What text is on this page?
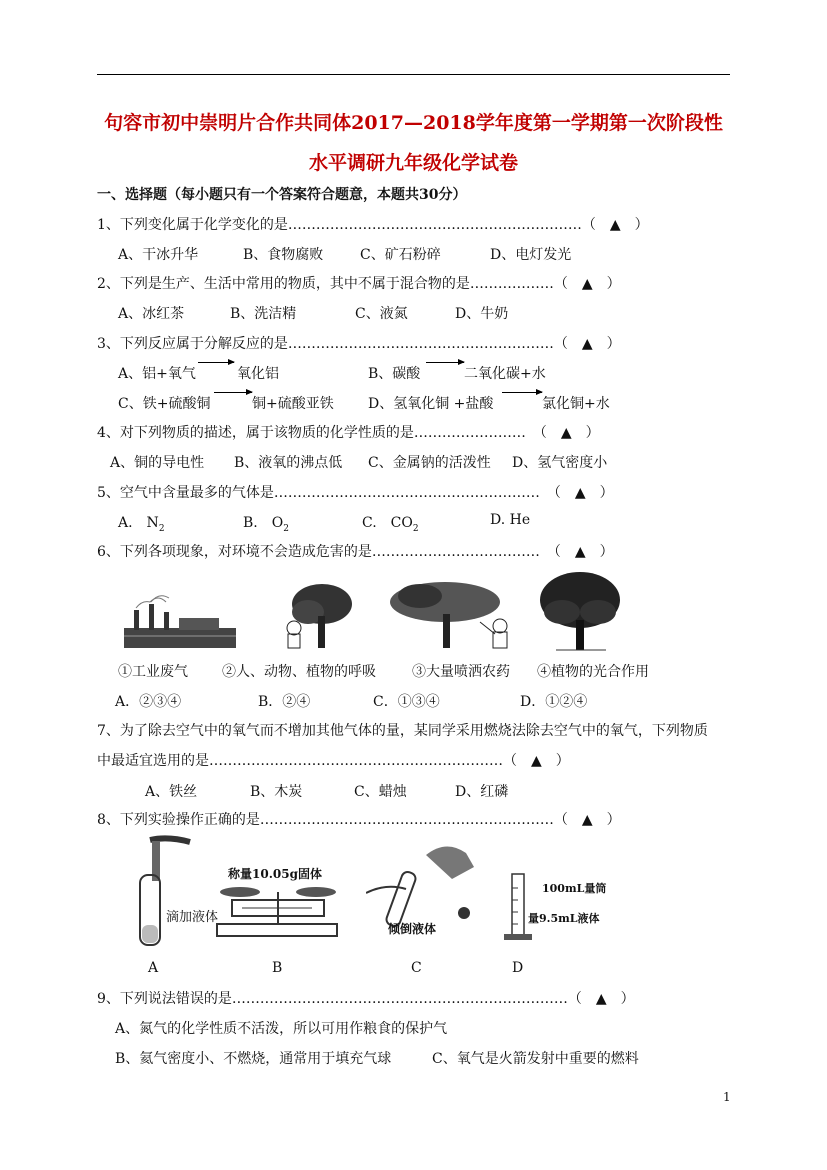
句容市初中崇明片合作共同体2017—2018学年度第一学期第一次阶段性
水平调研九年级化学试卷
一、选择题（每小题只有一个答案符合题意，本题共30分）
1、下列变化属于化学变化的是………………………………………………………（　▲　）
A、干冰升华	B、食物腐败	C、矿石粉碎	D、电灯发光
2、下列是生产、生活中常用的物质，其中不属于混合物的是………………（　▲　）
A、冰红茶	B、洗洁精	C、液氮	D、牛奶
3、下列反应属于分解反应的是…………………………………………………（　▲　）
A、铝+氧气	氧化铝	B、碳酸	二氧化碳+水
C、铁+硫酸铜	铜+硫酸亚铁 D、氢氧化铜 +盐酸	氯化铜+水
4、对下列物质的描述，属于该物质的化学性质的是……………………　（　▲　）
A、铜的导电性 B、液氧的沸点低 C、金属钠的活泼性 D、氢气密度小
5、空气中含量最多的气体是…………………………………………………　（　▲　）
A.　$N_2$	B.　$O_2$	C.　$CO_2$
D. He
6、下列各项现象，对环境不会造成危害的是………………………………　（　▲　）
①工业废气 ②人、动物、植物的呼吸	③大量喷洒农药 ④植物的光合作用
A．②③④	B．②④	C．①③④	D．①②④
7、为了除去空气中的氧气而不增加其他气体的量，某同学采用燃烧法除去空气中的氧气，下列物质
中最适宜选用的是………………………………………………………（　▲　）
A、铁丝	B、木炭	C、蜡烛	D、红磷
8、下列实验操作正确的是………………………………………………………（　▲　）
滴加液体
称量10.05g固体
倾倒液体
100mL量筒
量9.5mL液体
A	B	C	D
9、下列说法错误的是………………………………………………………………（　▲　）
A、氮气的化学性质不活泼，所以可用作粮食的保护气
B、氦气密度小、不燃烧，通常用于填充气球	C、氧气是火箭发射中重要的燃料
1
